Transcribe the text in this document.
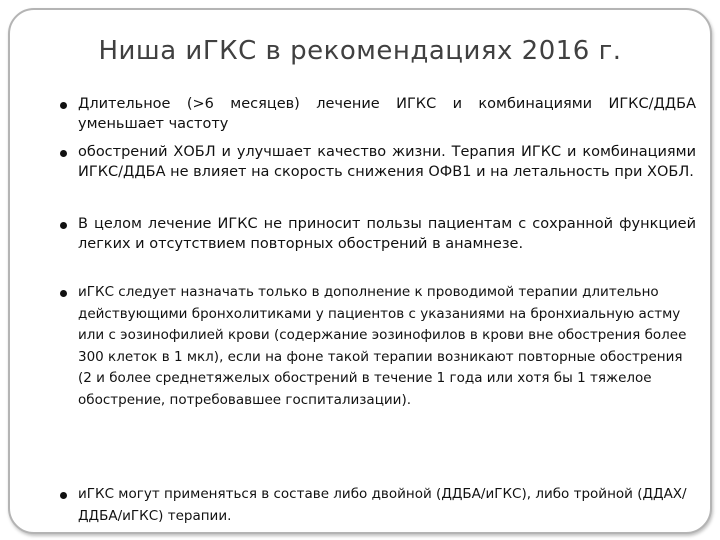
Ниша иГКС в рекомендациях 2016 г.
Длительное (>6 месяцев) лечение ИГКС и комбинациями ИГКС/ДДБА уменьшает частоту
обострений ХОБЛ и улучшает качество жизни. Терапия ИГКС и комбинациями ИГКС/ДДБА не влияет на скорость снижения ОФВ1 и на летальность при ХОБЛ.
В целом лечение ИГКС не приносит пользы пациентам с сохранной функцией легких и отсутствием повторных обострений в анамнезе.
иГКС следует назначать только в дополнение к проводимой терапии длительно действующими бронхолитиками у пациентов с указаниями на бронхиальную астму или с эозинофилией крови (содержание эозинофилов в крови вне обострения более 300 клеток в 1 мкл), если на фоне такой терапии возникают повторные обострения (2 и более среднетяжелых обострений в течение 1 года или хотя бы 1 тяжелое обострение, потребовавшее госпитализации).
иГКС могут применяться в составе либо двойной (ДДБА/иГКС), либо тройной (ДДАХ/ДДБА/иГКС) терапии.
